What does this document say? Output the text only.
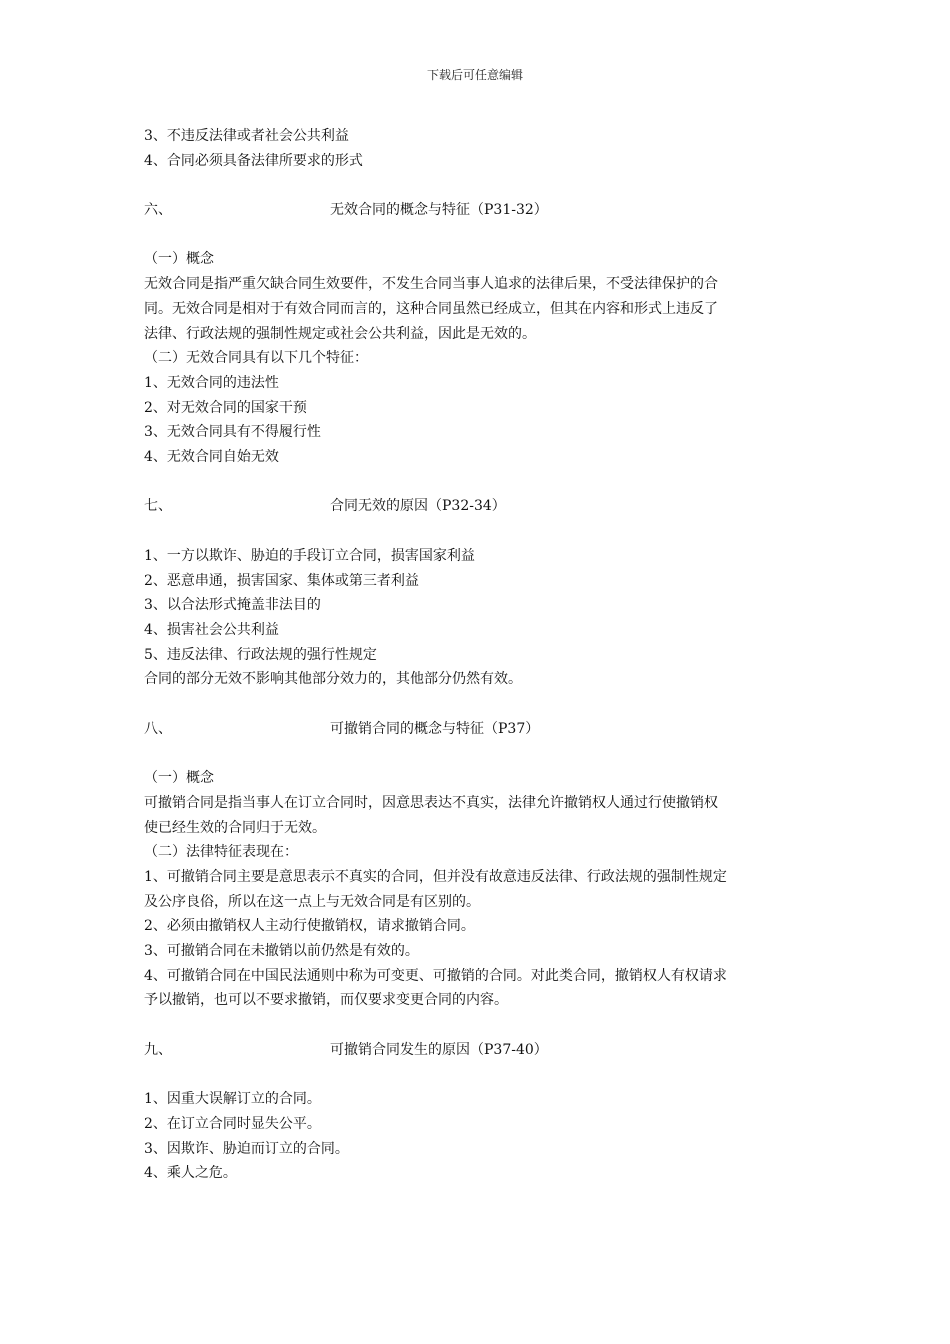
下载后可任意编辑
3、不违反法律或者社会公共利益
4、合同必须具备法律所要求的形式
六、	无效合同的概念与特征（P31-32）
（一）概念
无效合同是指严重欠缺合同生效要件，不发生合同当事人追求的法律后果，不受法律保护的合
同。无效合同是相对于有效合同而言的，这种合同虽然已经成立，但其在内容和形式上违反了
法律、行政法规的强制性规定或社会公共利益，因此是无效的。
（二）无效合同具有以下几个特征：
1、无效合同的违法性
2、对无效合同的国家干预
3、无效合同具有不得履行性
4、无效合同自始无效
七、	合同无效的原因（P32-34）
1、一方以欺诈、胁迫的手段订立合同，损害国家利益
2、恶意串通，损害国家、集体或第三者利益
3、以合法形式掩盖非法目的
4、损害社会公共利益
5、违反法律、行政法规的强行性规定
合同的部分无效不影响其他部分效力的，其他部分仍然有效。
八、	可撤销合同的概念与特征（P37）
（一）概念
可撤销合同是指当事人在订立合同时，因意思表达不真实，法律允许撤销权人通过行使撤销权
使已经生效的合同归于无效。
（二）法律特征表现在：
1、可撤销合同主要是意思表示不真实的合同，但并没有故意违反法律、行政法规的强制性规定
及公序良俗，所以在这一点上与无效合同是有区别的。
2、必须由撤销权人主动行使撤销权，请求撤销合同。
3、可撤销合同在未撤销以前仍然是有效的。
4、可撤销合同在中国民法通则中称为可变更、可撤销的合同。对此类合同，撤销权人有权请求
予以撤销，也可以不要求撤销，而仅要求变更合同的内容。
九、	可撤销合同发生的原因（P37-40）
1、因重大误解订立的合同。
2、在订立合同时显失公平。
3、因欺诈、胁迫而订立的合同。
4、乘人之危。
